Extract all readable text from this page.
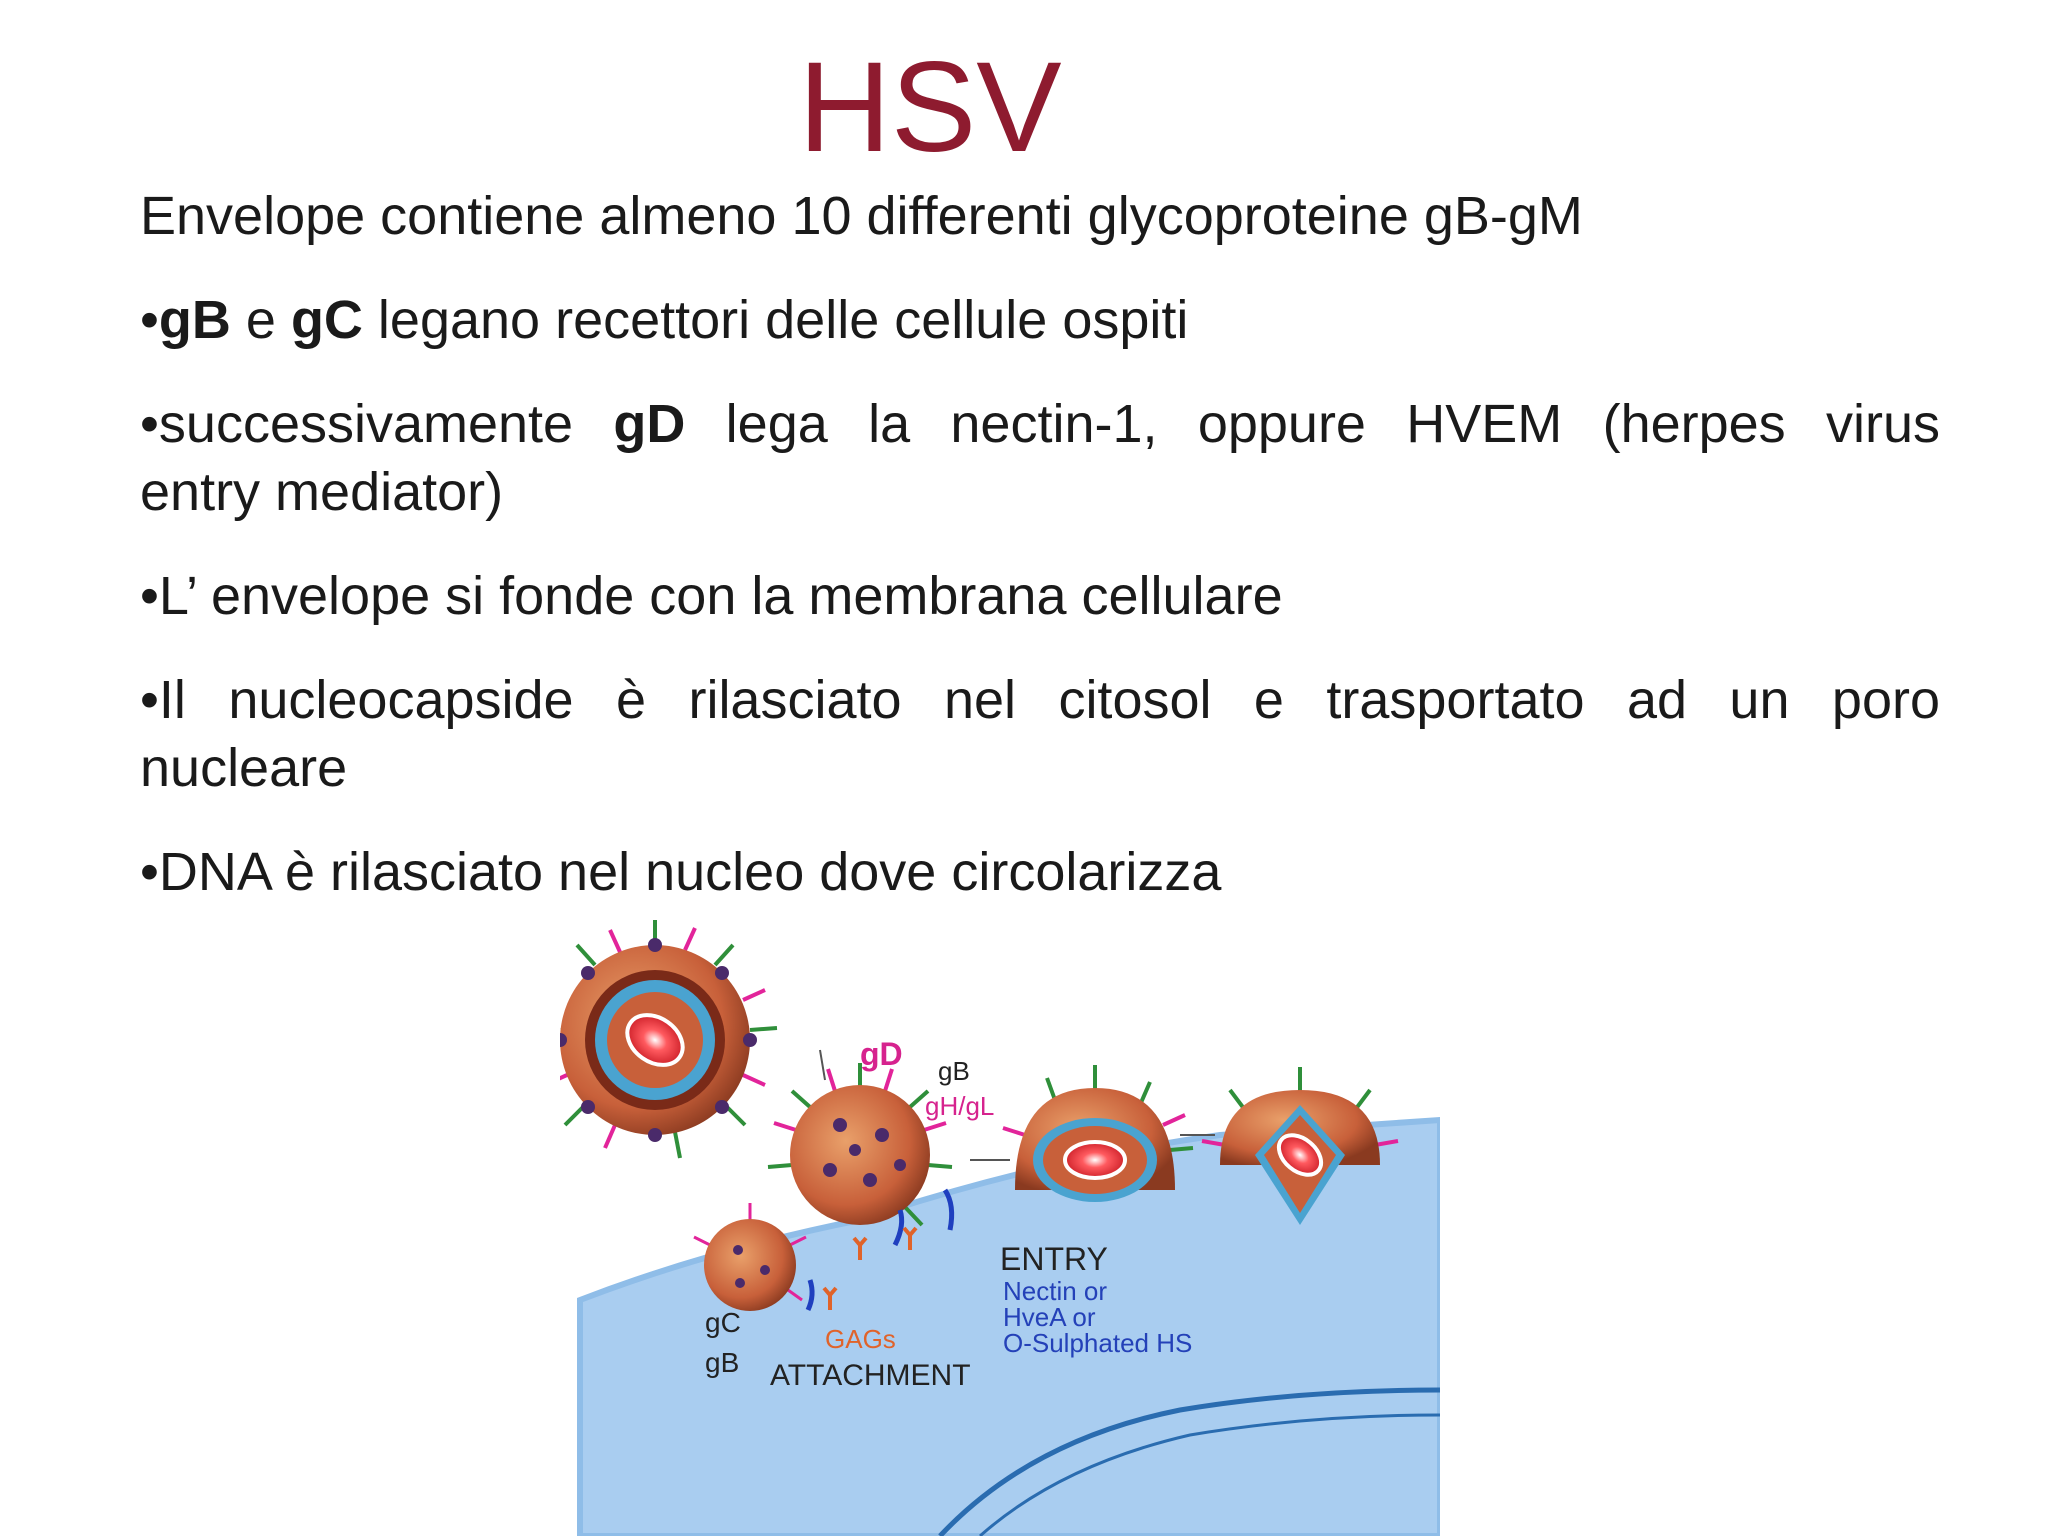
HSV

Envelope contiene almeno 10 differenti glycoproteine gB-gM

•gB e gC legano recettori delle cellule ospiti

•successivamente gD lega la nectin-1, oppure HVEM (herpes virus
entry mediator)

•L’ envelope si fonde con la membrana cellulare

•Il nucleocapside è rilasciato nel citosol e trasportato ad un poro
nucleare

•DNA è rilasciato nel nucleo dove circolarizza

gD gB
gH/gL
gC
gB
GAGs
ATTACHMENT
ENTRY
Nectin or
HveA or
O-Sulphated HS
